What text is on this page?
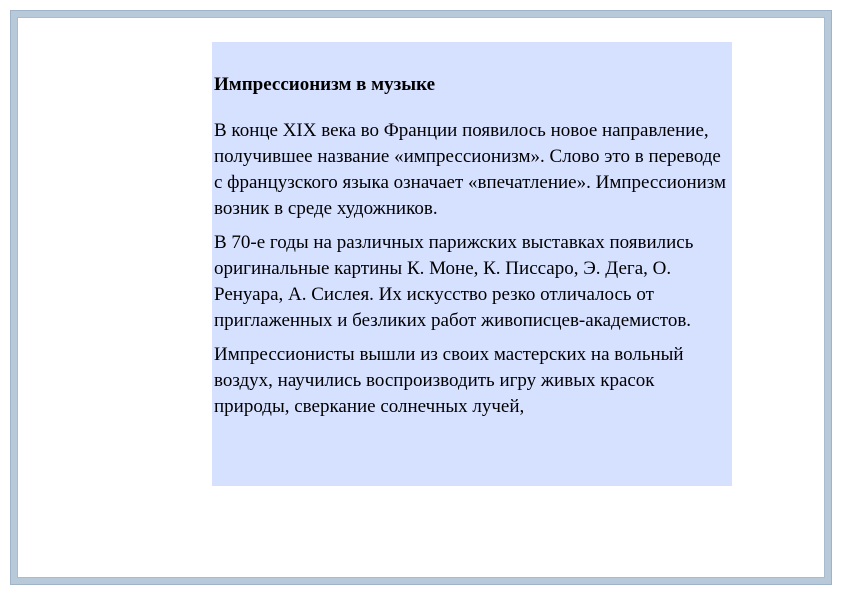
Импрессионизм в музыке
В конце XIX века во Франции появилось новое направление, получившее название «импрессионизм». Слово это в переводе с французского языка означает «впечатление». Импрессионизм возник в среде художников.
В 70-е годы на различных парижских выставках появились оригинальные картины К. Моне, К. Писсаро, Э. Дега, О. Ренуара, А. Сислея. Их искусство резко отличалось от приглаженных и безликих работ живописцев-академистов.
Импрессионисты вышли из своих мастерских на вольный воздух, научились воспроизводить игру живых красок природы, сверкание солнечных лучей,
